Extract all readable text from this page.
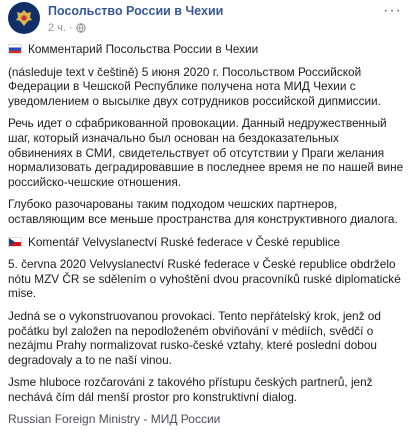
Посольство России в Чехии
2 ч. ·
···
Комментарий Посольства России в Чехии

(následuje text v češtině) 5 июня 2020 г. Посольством Российской Федерации в Чешской Республике получена нота МИД Чехии с уведомлением о высылке двух сотрудников российской дипмиссии.

Речь идет о сфабрикованной провокации. Данный недружественный шаг, который изначально был основан на бездоказательных обвинениях в СМИ, свидетельствует об отсутствии у Праги желания нормализовать деградировавшие в последнее время не по нашей вине российско-чешские отношения.

Глубоко разочарованы таким подходом чешских партнеров, оставляющим все меньше пространства для конструктивного диалога.

Komentář Velvyslanectví Ruské federace v České republice

5. června 2020 Velvyslanectví Ruské federace v České republice obdrželo nótu MZV ČR se sdělením o vyhoštění dvou pracovníků ruské diplomatické mise.

Jedná se o vykonstruovanou provokaci. Tento nepřátelský krok, jenž od počátku byl založen na nepodloženém obviňování v médiích, svědčí o nezájmu Prahy normalizovat rusko-české vztahy, které poslední dobou degradovaly a to ne naší vinou.

Jsme hluboce rozčarováni z takového přístupu českých partnerů, jenž nechává čím dál menší prostor pro konstruktivní dialog.

Russian Foreign Ministry - МИД России
